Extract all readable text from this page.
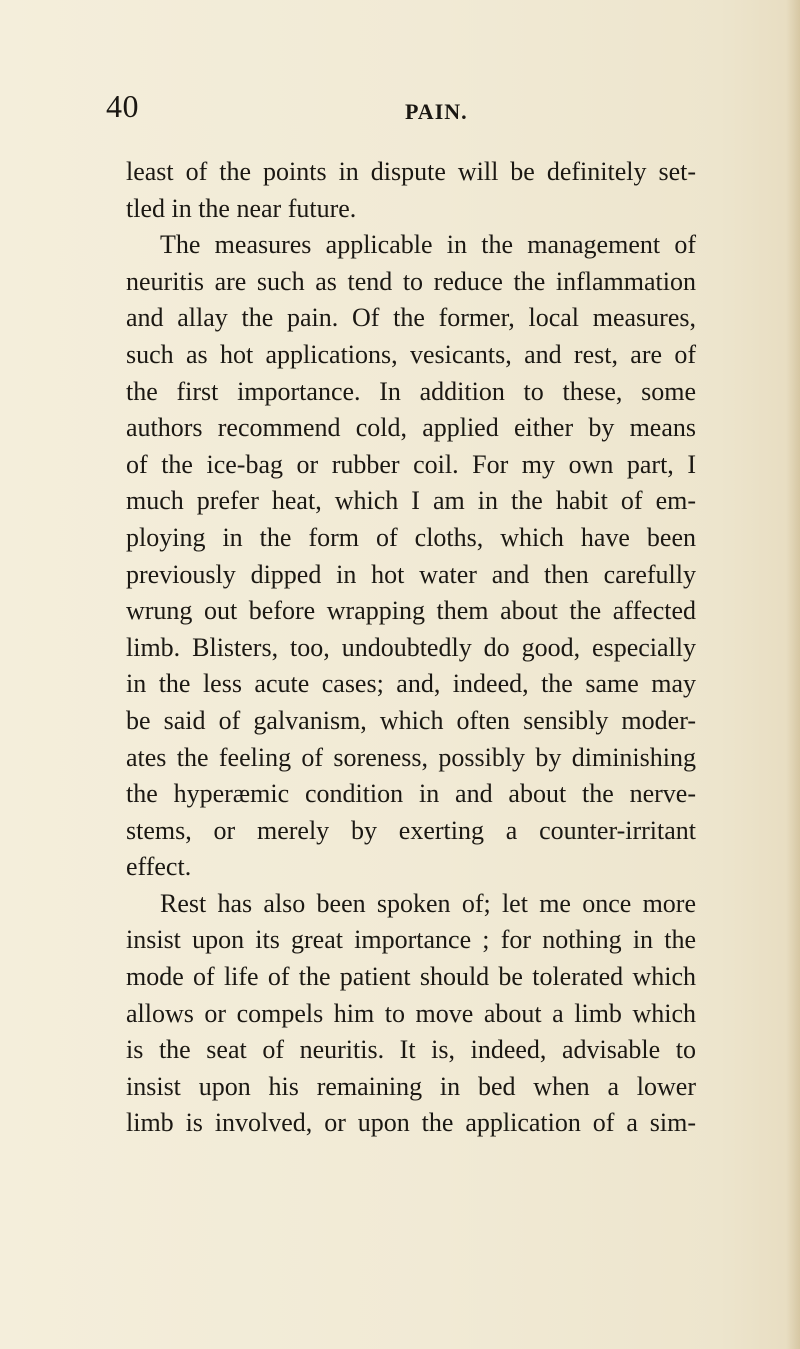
40	PAIN.
least of the points in dispute will be definitely set-
tled in the near future.
The measures applicable in the management of
neuritis are such as tend to reduce the inflammation
and allay the pain. Of the former, local measures,
such as hot applications, vesicants, and rest, are of
the first importance. In addition to these, some
authors recommend cold, applied either by means
of the ice-bag or rubber coil. For my own part, I
much prefer heat, which I am in the habit of em-
ploying in the form of cloths, which have been
previously dipped in hot water and then carefully
wrung out before wrapping them about the affected
limb. Blisters, too, undoubtedly do good, especially
in the less acute cases; and, indeed, the same may
be said of galvanism, which often sensibly moder-
ates the feeling of soreness, possibly by diminishing
the hyperæmic condition in and about the nerve-
stems, or merely by exerting a counter-irritant
effect.
Rest has also been spoken of; let me once more
insist upon its great importance ; for nothing in the
mode of life of the patient should be tolerated which
allows or compels him to move about a limb which
is the seat of neuritis. It is, indeed, advisable to
insist upon his remaining in bed when a lower
limb is involved, or upon the application of a sim-
